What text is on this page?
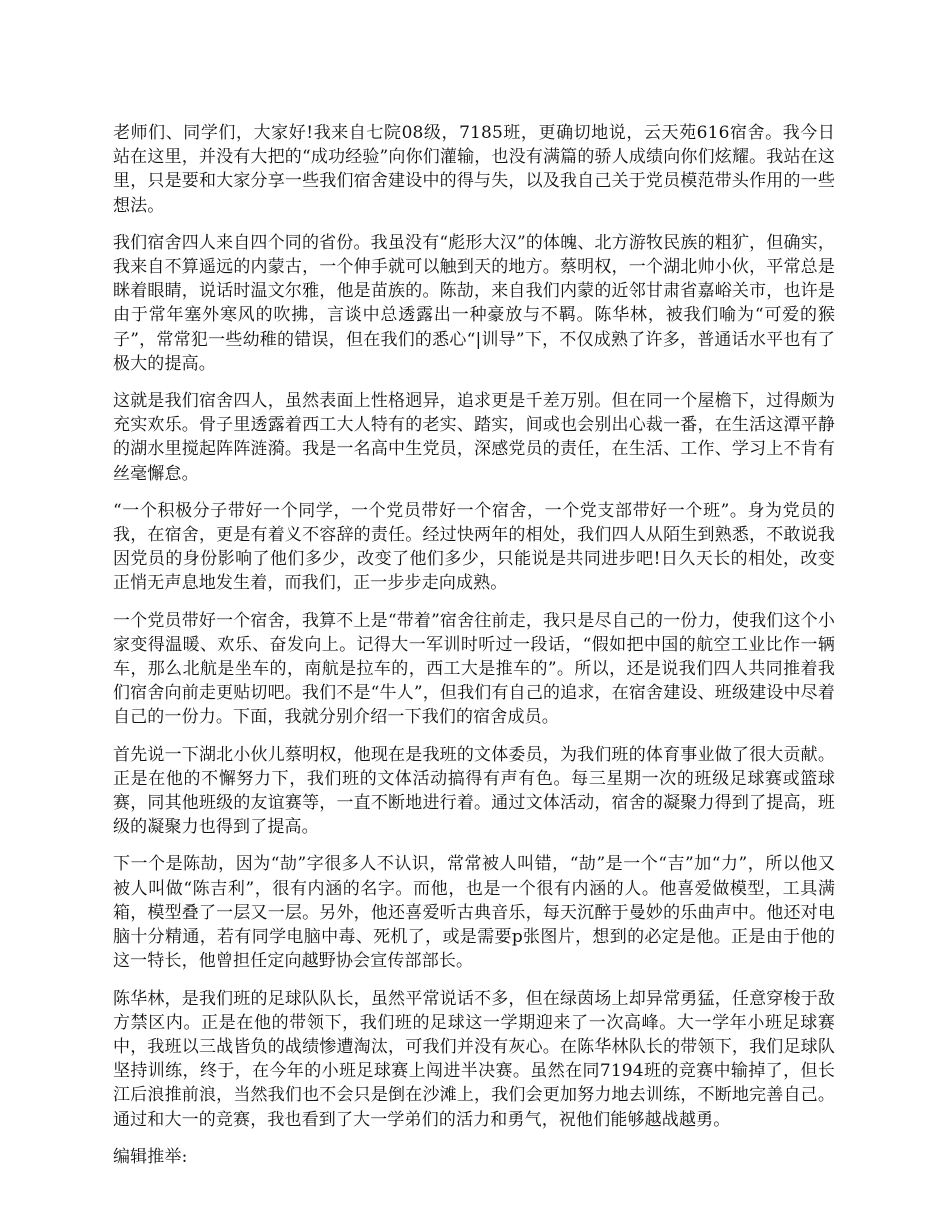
老师们、同学们，大家好!我来自七院08级，7185班，更确切地说，云天苑616宿舍。我今日站在这里，并没有大把的“成功经验”向你们灌输，也没有满篇的骄人成绩向你们炫耀。我站在这里，只是要和大家分享一些我们宿舍建设中的得与失，以及我自己关于党员模范带头作用的一些想法。

我们宿舍四人来自四个同的省份。我虽没有“彪形大汉”的体魄、北方游牧民族的粗犷，但确实，我来自不算遥远的内蒙古，一个伸手就可以触到天的地方。蔡明权，一个湖北帅小伙，平常总是眯着眼睛，说话时温文尔雅，他是苗族的。陈劼，来自我们内蒙的近邻甘肃省嘉峪关市，也许是由于常年塞外寒风的吹拂，言谈中总透露出一种豪放与不羁。陈华林，被我们喻为“可爱的猴子”，常常犯一些幼稚的错误，但在我们的悉心“|训导”下，不仅成熟了许多，普通话水平也有了极大的提高。

这就是我们宿舍四人，虽然表面上性格迥异，追求更是千差万别。但在同一个屋檐下，过得颇为充实欢乐。骨子里透露着西工大人特有的老实、踏实，间或也会别出心裁一番，在生活这潭平静的湖水里搅起阵阵涟漪。我是一名高中生党员，深感党员的责任，在生活、工作、学习上不肯有丝毫懈怠。

“一个积极分子带好一个同学，一个党员带好一个宿舍，一个党支部带好一个班”。身为党员的我，在宿舍，更是有着义不容辞的责任。经过快两年的相处，我们四人从陌生到熟悉，不敢说我因党员的身份影响了他们多少，改变了他们多少，只能说是共同进步吧!日久天长的相处，改变正悄无声息地发生着，而我们，正一步步走向成熟。

一个党员带好一个宿舍，我算不上是“带着”宿舍往前走，我只是尽自己的一份力，使我们这个小家变得温暖、欢乐、奋发向上。记得大一军训时听过一段话，“假如把中国的航空工业比作一辆车，那么北航是坐车的，南航是拉车的，西工大是推车的”。所以，还是说我们四人共同推着我们宿舍向前走更贴切吧。我们不是“牛人”，但我们有自己的追求，在宿舍建设、班级建设中尽着自己的一份力。下面，我就分别介绍一下我们的宿舍成员。

首先说一下湖北小伙儿蔡明权，他现在是我班的文体委员，为我们班的体育事业做了很大贡献。正是在他的不懈努力下，我们班的文体活动搞得有声有色。每三星期一次的班级足球赛或篮球赛，同其他班级的友谊赛等，一直不断地进行着。通过文体活动，宿舍的凝聚力得到了提高，班级的凝聚力也得到了提高。

下一个是陈劼，因为“劼”字很多人不认识，常常被人叫错，“劼”是一个“吉”加“力”，所以他又被人叫做“陈吉利”，很有内涵的名字。而他，也是一个很有内涵的人。他喜爱做模型，工具满箱，模型叠了一层又一层。另外，他还喜爱听古典音乐，每天沉醉于曼妙的乐曲声中。他还对电脑十分精通，若有同学电脑中毒、死机了，或是需要p张图片，想到的必定是他。正是由于他的这一特长，他曾担任定向越野协会宣传部部长。

陈华林，是我们班的足球队队长，虽然平常说话不多，但在绿茵场上却异常勇猛，任意穿梭于敌方禁区内。正是在他的带领下，我们班的足球这一学期迎来了一次高峰。大一学年小班足球赛中，我班以三战皆负的战绩惨遭淘汰，可我们并没有灰心。在陈华林队长的带领下，我们足球队坚持训练，终于，在今年的小班足球赛上闯进半决赛。虽然在同7194班的竞赛中输掉了，但长江后浪推前浪，当然我们也不会只是倒在沙滩上，我们会更加努力地去训练，不断地完善自己。通过和大一的竞赛，我也看到了大一学弟们的活力和勇气，祝他们能够越战越勇。

编辑推举:
